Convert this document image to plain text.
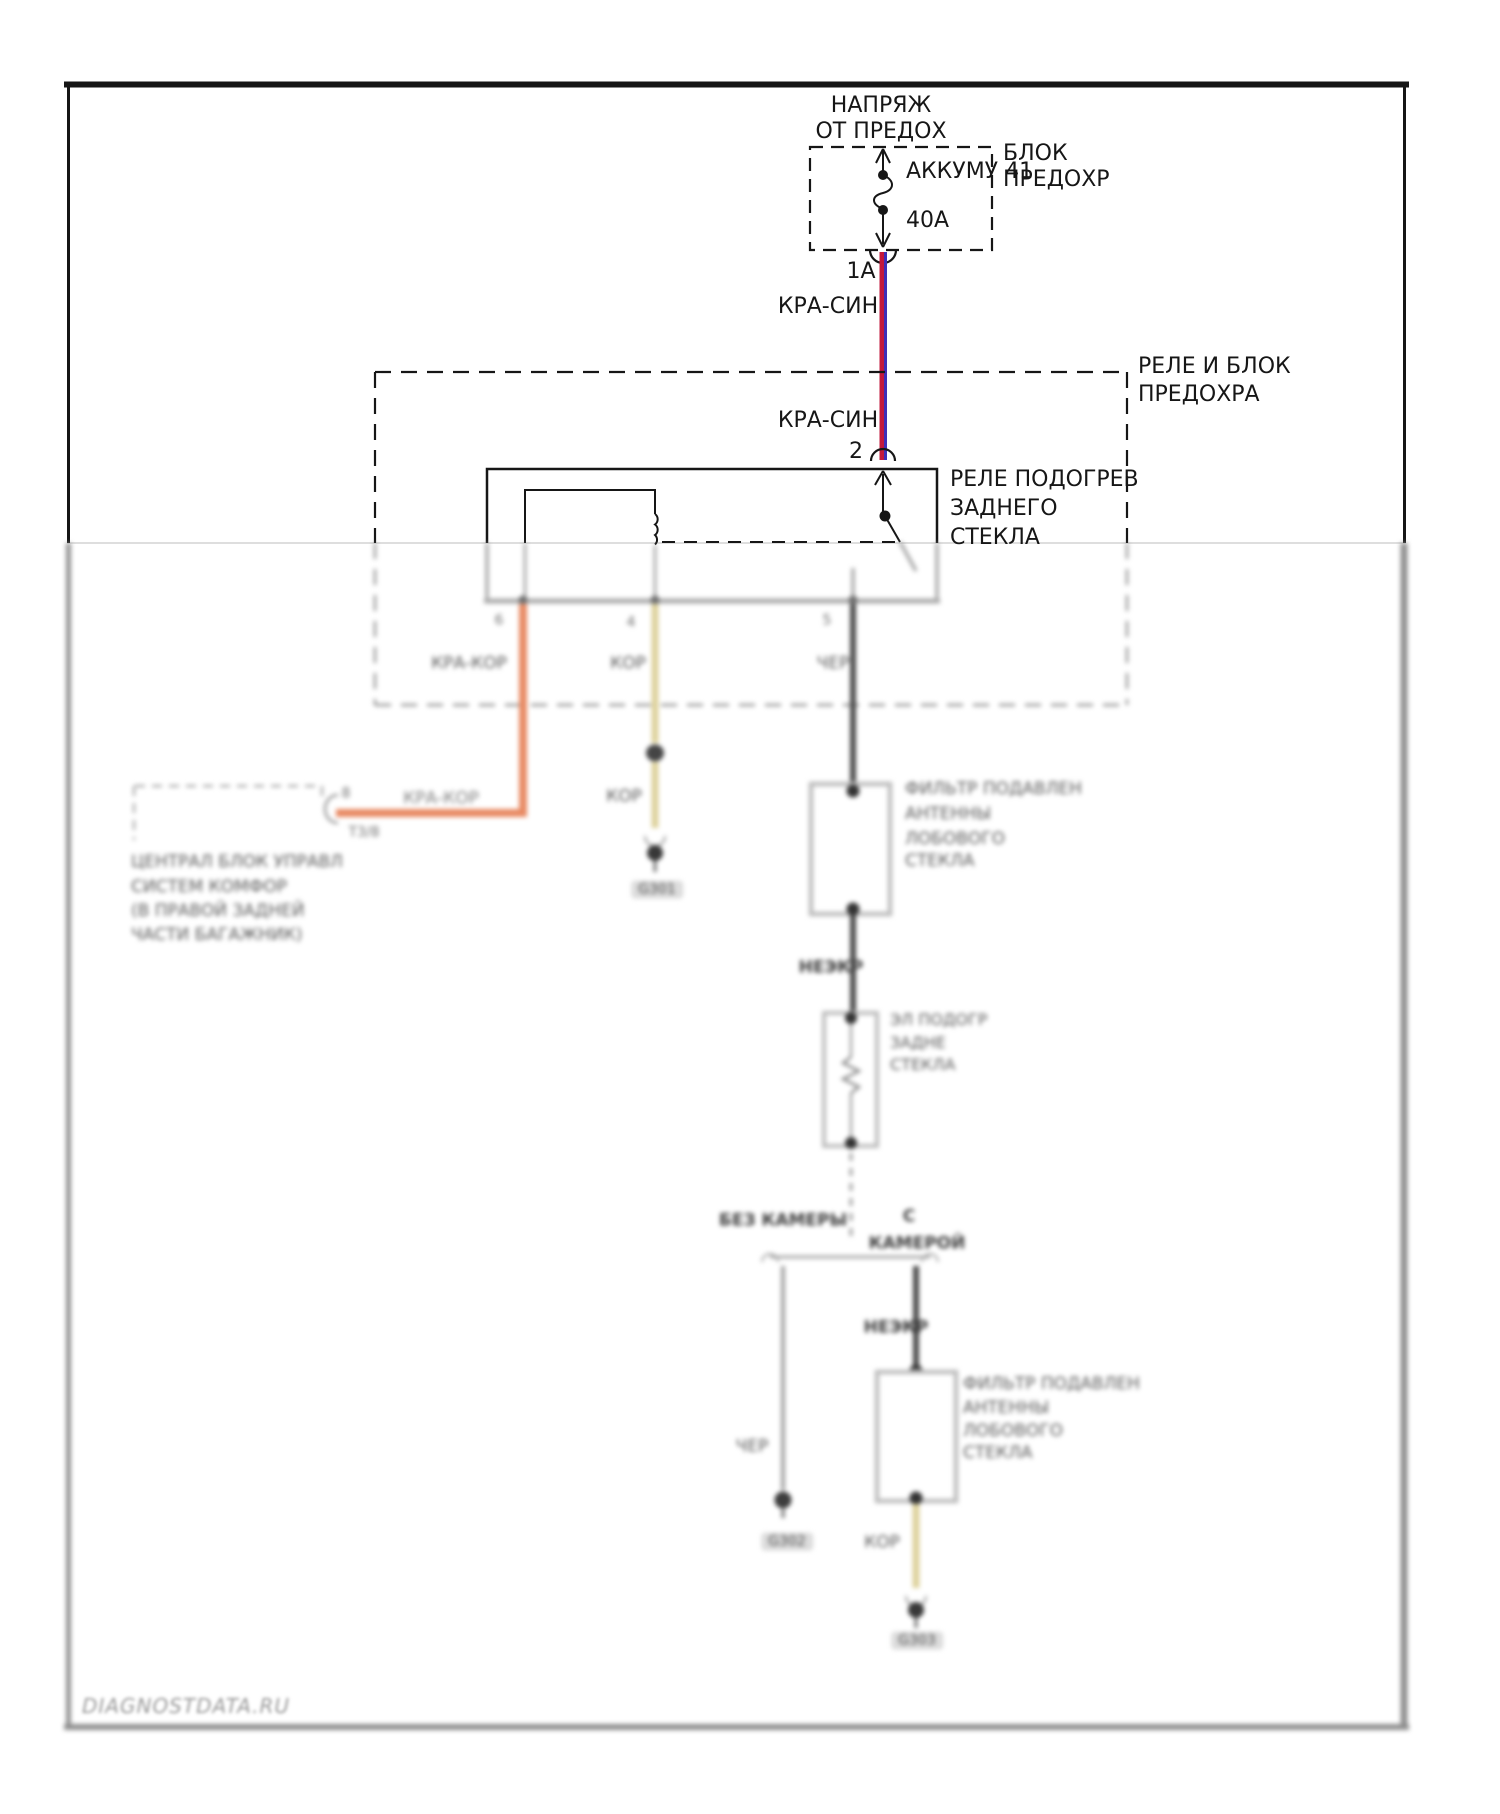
НАПРЯЖ
ОТ ПРЕДОХ
БЛОК
ПРЕДОХР
АККУМУ 41
40A
1A
КРА-СИН
РЕЛЕ И БЛОК
ПРЕДОХРА
КРА-СИН
2
РЕЛЕ ПОДОГРЕВ
ЗАДНЕГО
СТЕКЛА
6	4	5
КРА-КОР	КОР	ЧЕР
КРА-КОР
8
Т3/8
ЦЕНТРАЛ БЛОК УПРАВЛ
СИСТЕМ КОМФОР
(В ПРАВОЙ ЗАДНЕЙ
ЧАСТИ БАГАЖНИК)
КОР
G301
ФИЛЬТР ПОДАВЛЕН
АНТЕННЫ
ЛОБОВОГО
СТЕКЛА
НЕЭКР
ЭЛ ПОДОГР
ЗАДНЕ
СТЕКЛА
БЕЗ КАМЕРЫ	С
КАМЕРОЙ
ЧЕР
G302
НЕЭКР
ФИЛЬТР ПОДАВЛЕН
АНТЕННЫ
ЛОБОВОГО
СТЕКЛА
КОР
G303
DIAGNOSTDATA.RU
